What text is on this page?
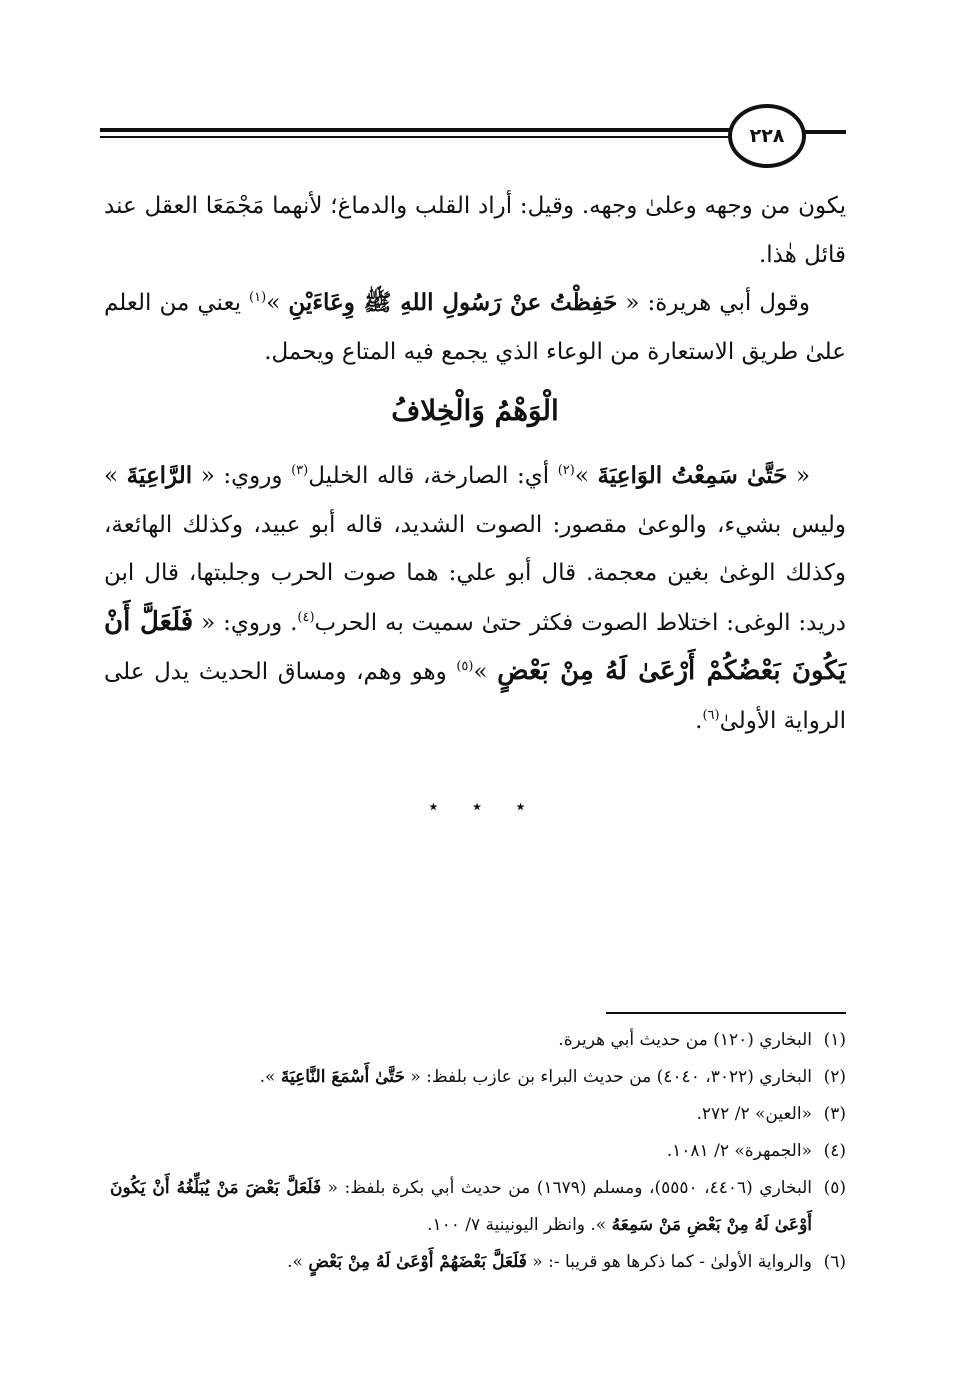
٢٢٨

يكون من وجهه وعلىٰ وجهه. وقيل: أراد القلب والدماغ؛ لأنهما مَجْمَعَا العقل عند قائل هٰذا.

وقول أبي هريرة: « حَفِظْتُ عنْ رَسُولِ اللهِ ﷺ وِعَاءَيْنِ »$^{(١)}$ يعني من العلم علىٰ طريق الاستعارة من الوعاء الذي يجمع فيه المتاع ويحمل.

الْوَهْمُ وَالْخِلافُ

« حَتَّىٰ سَمِعْتُ الوَاعِيَةَ »$^{(٢)}$ أي: الصارخة، قاله الخليل$^{(٣)}$ وروي: « الرَّاعِيَةَ » وليس بشيء، والوعىٰ مقصور: الصوت الشديد، قاله أبو عبيد، وكذلك الهائعة، وكذلك الوغىٰ بغين معجمة. قال أبو علي: هما صوت الحرب وجلبتها، قال ابن دريد: الوغى: اختلاط الصوت فكثر حتىٰ سميت به الحرب$^{(٤)}$. وروي: « فَلَعَلَّ أَنْ يَكُونَ بَعْضُكُمْ أَرْعَىٰ لَهُ مِنْ بَعْضٍ »$^{(٥)}$ وهو وهم، ومساق الحديث يدل على الرواية الأولىٰ$^{(٦)}$.

٭ ٭ ٭
(١)
البخاري (١٢٠) من حديث أبي هريرة.
(٢)
البخاري (٣٠٢٢، ٤٠٤٠) من حديث البراء بن عازب بلفظ: « حَتَّىٰ أَسْمَعَ النَّاعِيَةَ ».
(٣)
«العين» ٢/ ٢٧٢.
(٤)
«الجمهرة» ٢/ ١٠٨١.
(٥)
البخاري (٤٤٠٦، ٥٥٥٠)، ومسلم (١٦٧٩) من حديث أبي بكرة بلفظ: « فَلَعَلَّ بَعْضَ مَنْ يُبَلِّغُهُ أَنْ يَكُونَ أَوْعَىٰ لَهُ مِنْ بَعْضِ مَنْ سَمِعَهُ ». وانظر اليونينية ٧/ ١٠٠.
(٦)
والرواية الأولىٰ - كما ذكرها هو قريبا -: « فَلَعَلَّ بَعْضَهُمْ أَوْعَىٰ لَهُ مِنْ بَعْضٍ ».
